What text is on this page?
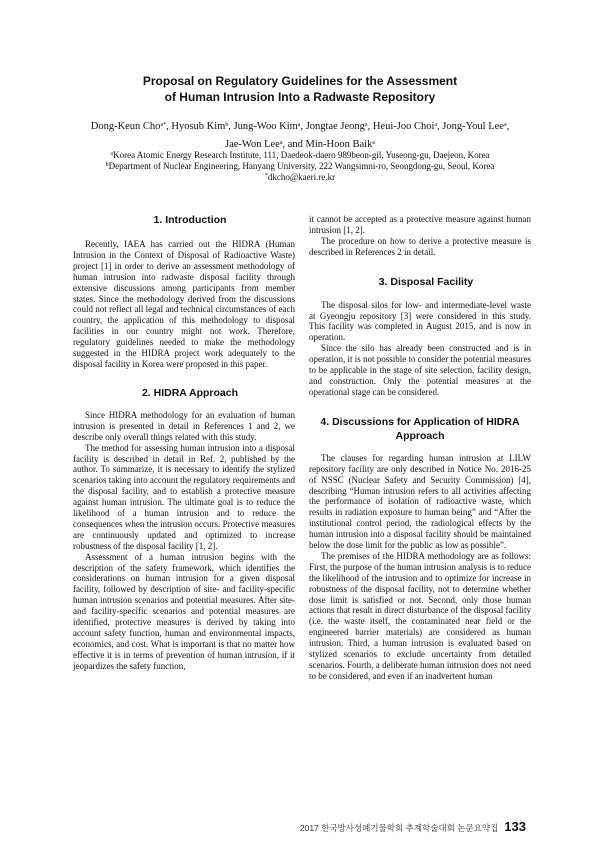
Proposal on Regulatory Guidelines for the Assessment
of Human Intrusion Into a Radwaste Repository
Dong-Keun Cho$^{a*}$, Hyosub Kim$^b$, Jung-Woo Kim$^a$, Jongtae Jeong$^a$, Heui-Joo Choi$^a$, Jong-Youl Lee$^a$,
Jae-Won Lee$^a$, and Min-Hoon Baik$^a$
$^a$Korea Atomic Energy Research Institute, 111, Daedeok-daero 989beon-gil, Yuseong-gu, Daejeon, Korea
$^b$Department of Nuclear Engineering, Hanyang University, 222 Wangsimni-ro, Seongdong-gu, Seoul, Korea
*dkcho@kaeri.re.kr

1. Introduction

Recently, IAEA has carried out the HIDRA (Human Intrusion in the Context of Disposal of Radioactive Waste) project [1] in order to derive an assessment methodology of human intrusion into radwaste disposal facility through extensive discussions among participants from member states. Since the methodology derived from the discussions could not reflect all legal and technical circumstances of each country, the application of this methodology to disposal facilities in our country might not work. Therefore, regulatory guidelines needed to make the methodology suggested in the HIDRA project work adequately to the disposal facility in Korea were proposed in this paper.

2. HIDRA Approach

Since HIDRA methodology for an evaluation of human intrusion is presented in detail in References 1 and 2, we describe only overall things related with this study.

The method for assessing human intrusion into a disposal facility is described in detail in Ref. 2, published by the author. To summarize, it is necessary to identify the stylized scenarios taking into account the regulatory requirements and the disposal facility, and to establish a protective measure against human intrusion. The ultimate goal is to reduce the likelihood of a human intrusion and to reduce the consequences when the intrusion occurs. Protective measures are continuously updated and optimized to increase robustness of the disposal facility [1, 2].

Assessment of a human intrusion begins with the description of the safety framework, which identifies the considerations on human intrusion for a given disposal facility, followed by description of site- and facility-specific human intrusion scenarios and potential measures. After site- and facility-specific scenarios and potential measures are identified, protective measures is derived by taking into account safety function, human and environmental impacts, economics, and cost. What is important is that no matter how effective it is in terms of prevention of human intrusion, if it jeopardizes the safety function,

it cannot be accepted as a protective measure against human intrusion [1, 2].

The procedure on how to derive a protective measure is described in References 2 in detail.

3. Disposal Facility

The disposal silos for low- and intermediate-level waste at Gyeongju repository [3] were considered in this study. This facility was completed in August 2015, and is now in operation.

Since the silo has already been constructed and is in operation, it is not possible to consider the potential measures to be applicable in the stage of site selection, facility design, and construction. Only the potential measures at the operational stage can be considered.

4. Discussions for Application of HIDRA
Approach

The clauses for regarding human intrusion at LILW repository facility are only described in Notice No. 2016-25 of NSSC (Nuclear Safety and Security Commission) [4], describing “Human intrusion refers to all activities affecting the performance of isolation of radioactive waste, which results in radiation exposure to human being” and “After the institutional control period, the radiological effects by the human intrusion into a disposal facility should be maintained below the dose limit for the public as low as possible”.

The premises of the HIDRA methodology are as follows: First, the purpose of the human intrusion analysis is to reduce the likelihood of the intrusion and to optimize for increase in robustness of the disposal facility, not to determine whether dose limit is satisfied or not. Second, only those human actions that result in direct disturbance of the disposal facility (i.e. the waste itself, the contaminated near field or the engineered barrier materials) are considered as human intrusion. Third, a human intrusion is evaluated based on stylized scenarios to exclude uncertainty from detailed scenarios. Fourth, a deliberate human intrusion does not need to be considered, and even if an inadvertent human

2017 한국방사성폐기물학회 추계학술대회 논문요약집 133
